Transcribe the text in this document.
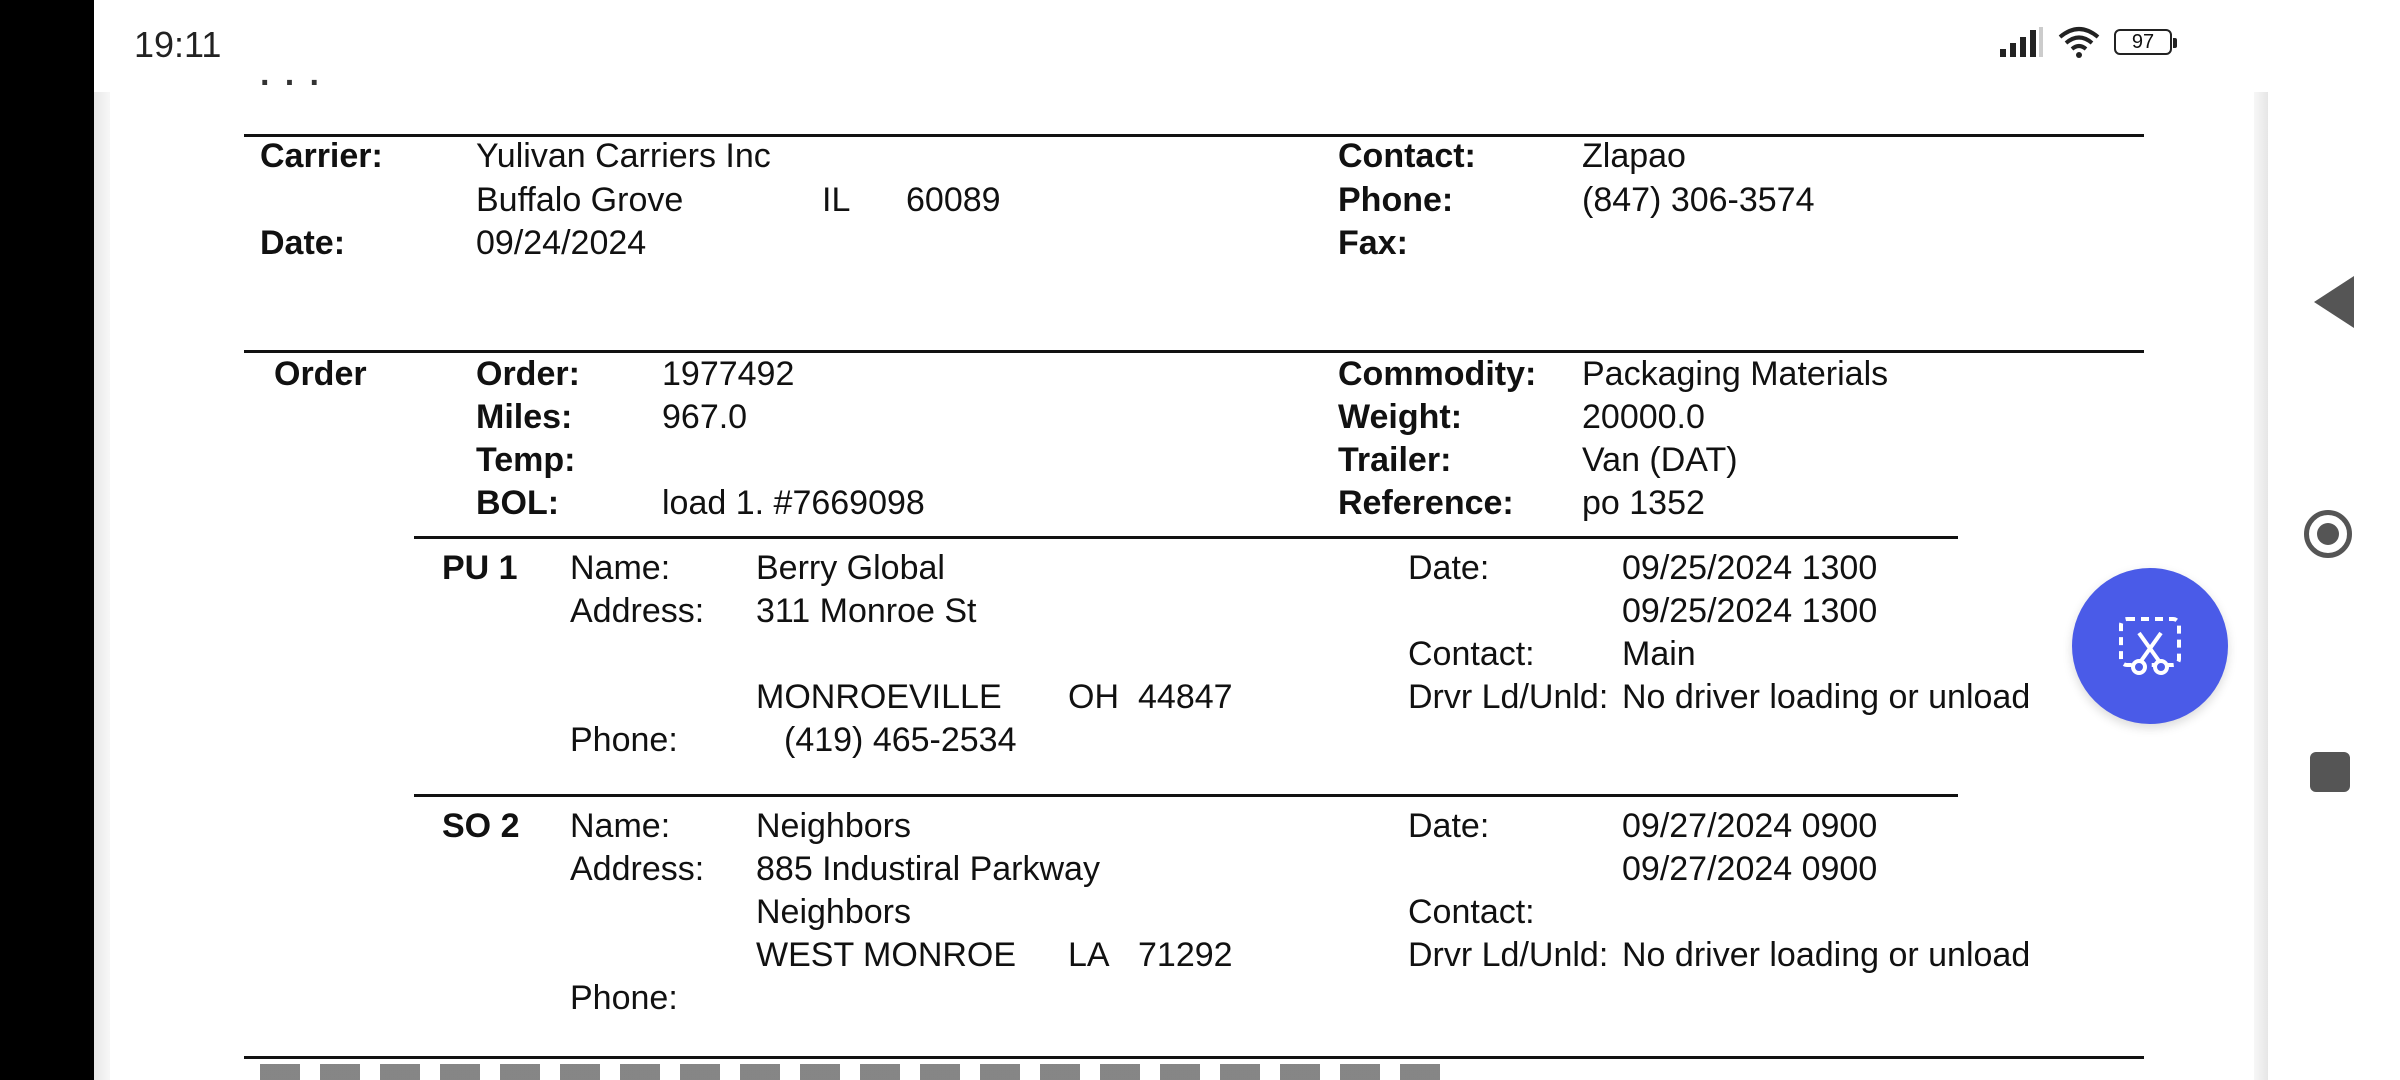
19:11	97
· · ·
Carrier:	Yulivan Carriers Inc
Buffalo Grove	IL 60089
Date:	09/24/2024
Contact:	Zlapao
Phone:	(847) 306-3574
Fax:
Order	Order: 1977492
Miles:	967.0
Temp:
BOL:	load 1. #7669098
Commodity: Packaging Materials
Weight:	20000.0
Trailer:	Van (DAT)
Reference: po 1352
PU 1 Name:	Berry Global
Address: 311 Monroe St
MONROEVILLE OH 44847
Phone:	(419) 465-2534
Date:	09/25/2024 1300
09/25/2024 1300
Contact:	Main
Drvr Ld/Unld: No driver loading or unload
SO 2 Name:	Neighbors
Address: 885 Industiral Parkway
Neighbors
WEST MONROE LA 71292
Phone:
Date:	09/27/2024 0900
09/27/2024 0900
Contact:
Drvr Ld/Unld: No driver loading or unload
